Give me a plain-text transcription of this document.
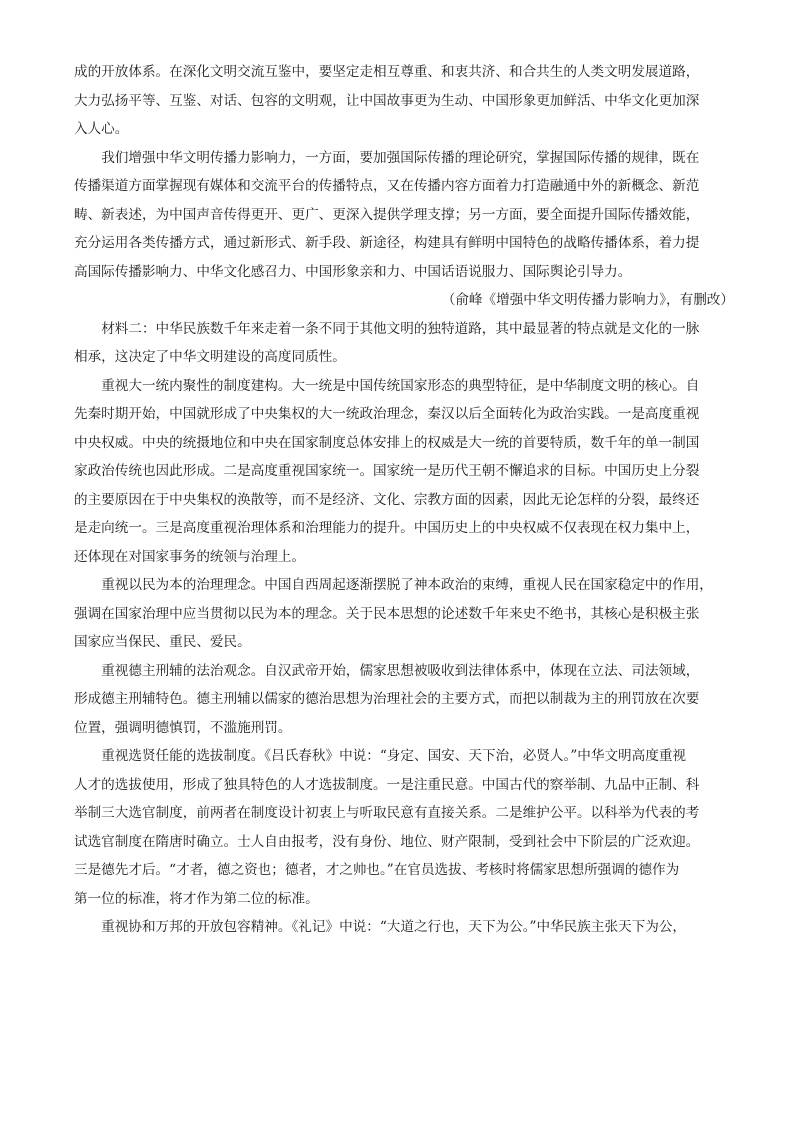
成的开放体系。在深化文明交流互鉴中，要坚定走相互尊重、和衷共济、和合共生的人类文明发展道路，
大力弘扬平等、互鉴、对话、包容的文明观，让中国故事更为生动、中国形象更加鲜活、中华文化更加深
入人心。
我们增强中华文明传播力影响力，一方面，要加强国际传播的理论研究，掌握国际传播的规律，既在
传播渠道方面掌握现有媒体和交流平台的传播特点，又在传播内容方面着力打造融通中外的新概念、新范
畴、新表述，为中国声音传得更开、更广、更深入提供学理支撑；另一方面，要全面提升国际传播效能，
充分运用各类传播方式，通过新形式、新手段、新途径，构建具有鲜明中国特色的战略传播体系，着力提
高国际传播影响力、中华文化感召力、中国形象亲和力、中国话语说服力、国际舆论引导力。
（俞峰《增强中华文明传播力影响力》，有删改）
材料二：中华民族数千年来走着一条不同于其他文明的独特道路，其中最显著的特点就是文化的一脉
相承，这决定了中华文明建设的高度同质性。
重视大一统内聚性的制度建构。大一统是中国传统国家形态的典型特征，是中华制度文明的核心。自
先秦时期开始，中国就形成了中央集权的大一统政治理念，秦汉以后全面转化为政治实践。一是高度重视
中央权威。中央的统摄地位和中央在国家制度总体安排上的权威是大一统的首要特质，数千年的单一制国
家政治传统也因此形成。二是高度重视国家统一。国家统一是历代王朝不懈追求的目标。中国历史上分裂
的主要原因在于中央集权的涣散等，而不是经济、文化、宗教方面的因素，因此无论怎样的分裂，最终还
是走向统一。三是高度重视治理体系和治理能力的提升。中国历史上的中央权威不仅表现在权力集中上，
还体现在对国家事务的统领与治理上。
重视以民为本的治理理念。中国自西周起逐渐摆脱了神本政治的束缚，重视人民在国家稳定中的作用，
强调在国家治理中应当贯彻以民为本的理念。关于民本思想的论述数千年来史不绝书，其核心是积极主张
国家应当保民、重民、爱民。
重视德主刑辅的法治观念。自汉武帝开始，儒家思想被吸收到法律体系中，体现在立法、司法领域，
形成德主刑辅特色。德主刑辅以儒家的德治思想为治理社会的主要方式，而把以制裁为主的刑罚放在次要
位置，强调明德慎罚，不滥施刑罚。
重视选贤任能的选拔制度。《吕氏春秋》中说：“身定、国安、天下治，必贤人。”中华文明高度重视
人才的选拔使用，形成了独具特色的人才选拔制度。一是注重民意。中国古代的察举制、九品中正制、科
举制三大选官制度，前两者在制度设计初衷上与听取民意有直接关系。二是维护公平。以科举为代表的考
试选官制度在隋唐时确立。士人自由报考，没有身份、地位、财产限制，受到社会中下阶层的广泛欢迎。
三是德先才后。“才者，德之资也；德者，才之帅也。”在官员选拔、考核时将儒家思想所强调的德作为
第一位的标准，将才作为第二位的标准。
重视协和万邦的开放包容精神。《礼记》中说：“大道之行也，天下为公。”中华民族主张天下为公，
